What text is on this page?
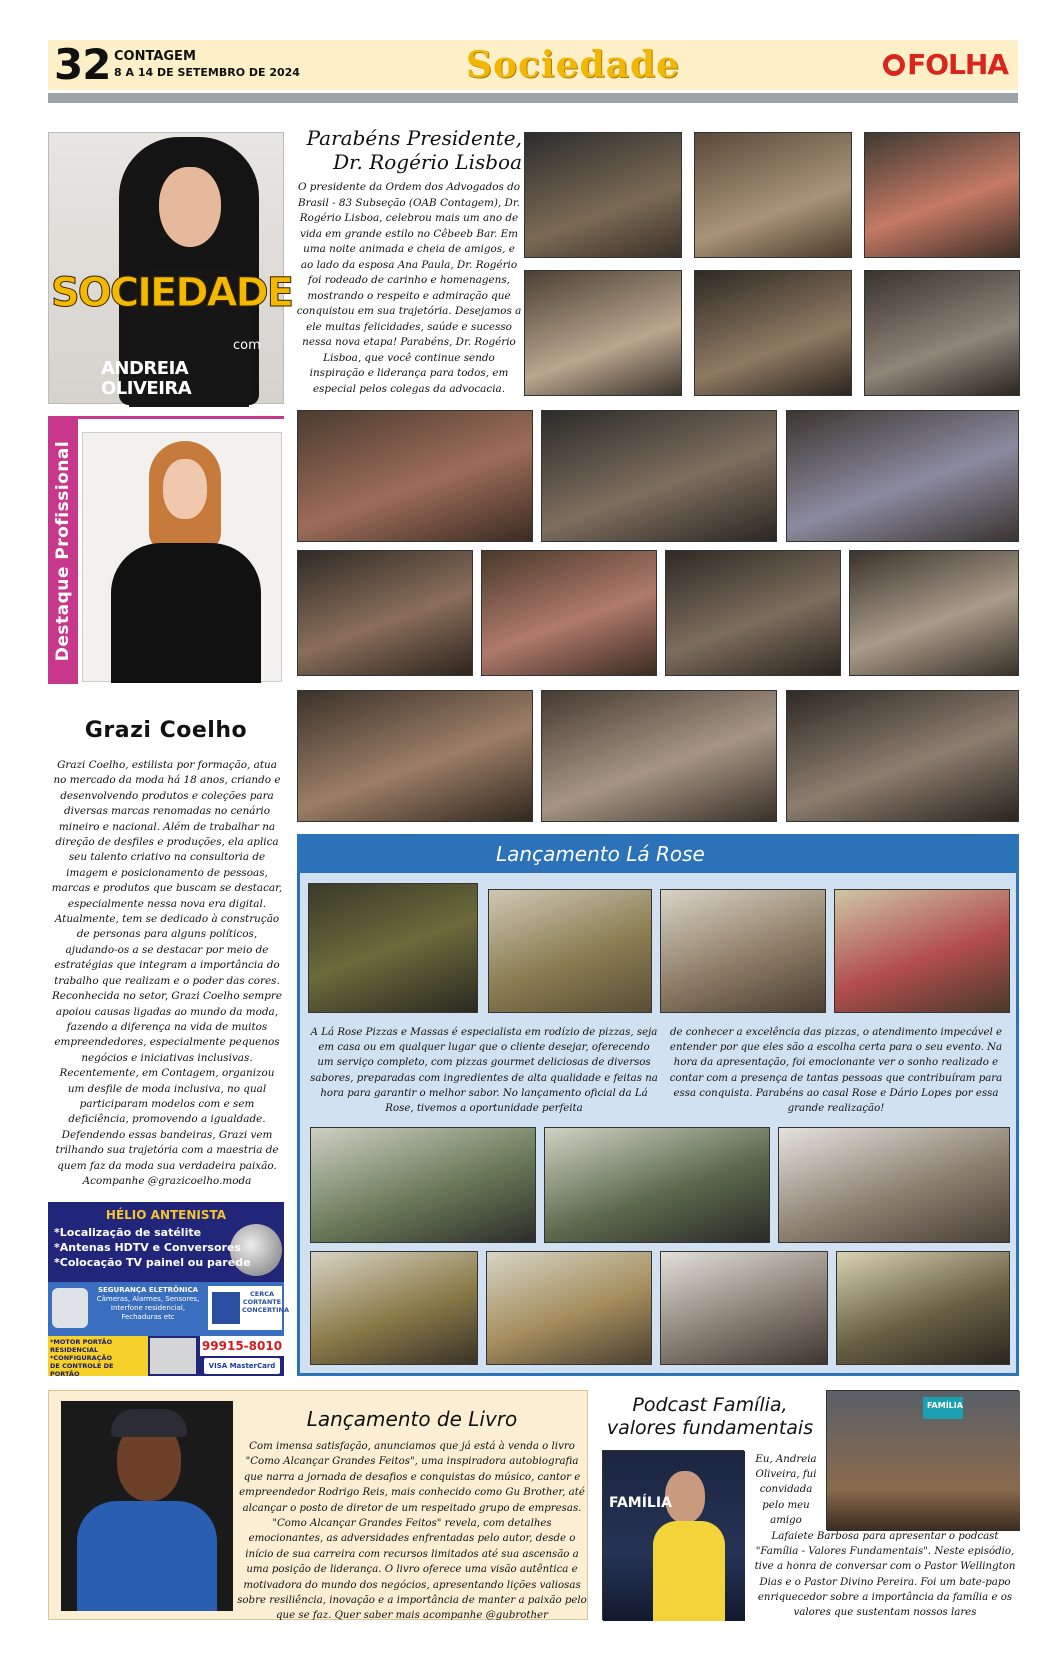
32 CONTAGEM
8 A 14 DE SETEMBRO DE 2024	Sociedade	FOLHA
SOCIEDADE
com
ANDREIA OLIVEIRA
Parabéns Presidente,
Dr. Rogério Lisboa
O presidente da Ordem dos Advogados do Brasil - 83 Subseção (OAB Contagem), Dr. Rogério Lisboa, celebrou mais um ano de vida em grande estilo no Cêbeeb Bar. Em uma noite animada e cheia de amigos, e ao lado da esposa Ana Paula, Dr. Rogério foi rodeado de carinho e homenagens, mostrando o respeito e admiração que conquistou em sua trajetória. Desejamos a ele muitas felicidades, saúde e sucesso nessa nova etapa! Parabéns, Dr. Rogério Lisboa, que você continue sendo inspiração e liderança para todos, em especial pelos colegas da advocacia.
Destaque Profissional
Grazi Coelho
Grazi Coelho, estilista por formação, atua no mercado da moda há 18 anos, criando e desenvolvendo produtos e coleções para diversas marcas renomadas no cenário mineiro e nacional. Além de trabalhar na direção de desfiles e produções, ela aplica seu talento criativo na consultoria de imagem e posicionamento de pessoas, marcas e produtos que buscam se destacar, especialmente nessa nova era digital. Atualmente, tem se dedicado à construção de personas para alguns políticos, ajudando-os a se destacar por meio de estratégias que integram a importância do trabalho que realizam e o poder das cores. Reconhecida no setor, Grazi Coelho sempre apoiou causas ligadas ao mundo da moda, fazendo a diferença na vida de muitos empreendedores, especialmente pequenos negócios e iniciativas inclusivas. Recentemente, em Contagem, organizou um desfile de moda inclusiva, no qual participaram modelos com e sem deficiência, promovendo a igualdade. Defendendo essas bandeiras, Grazi vem trilhando sua trajetória com a maestria de quem faz da moda sua verdadeira paixão. Acompanhe @grazicoelho.moda
HÉLIO ANTENISTA
*Localização de satélite
*Antenas HDTV e Conversores
*Colocação TV painel ou parede
SEGURANÇA ELETRÔNICA
Câmeras, Alarmes, Sensores, Interfone residencial, Fechaduras etc
CERCA CORTANTE CONCERTINA
*MOTOR PORTÃO RESIDENCIAL *CONFIGURAÇÃO DE CONTROLE DE PORTÃO
99915-8010
VISA MasterCard
Lançamento Lá Rose
A Lá Rose Pizzas e Massas é especialista em rodízio de pizzas, seja em casa ou em qualquer lugar que o cliente desejar, oferecendo um serviço completo, com pizzas gourmet deliciosas de diversos sabores, preparadas com ingredientes de alta qualidade e feitas na hora para garantir o melhor sabor. No lançamento oficial da Lá Rose, tivemos a oportunidade perfeita
de conhecer a excelência das pizzas, o atendimento impecável e entender por que eles são a escolha certa para o seu evento. Na hora da apresentação, foi emocionante ver o sonho realizado e contar com a presença de tantas pessoas que contribuíram para essa conquista. Parabéns ao casal Rose e Dário Lopes por essa grande realização!
Lançamento de Livro
Com imensa satisfação, anunciamos que já está à venda o livro "Como Alcançar Grandes Feitos", uma inspiradora autobiografia que narra a jornada de desafios e conquistas do músico, cantor e empreendedor Rodrigo Reis, mais conhecido como Gu Brother, até alcançar o posto de diretor de um respeitado grupo de empresas. "Como Alcançar Grandes Feitos" revela, com detalhes emocionantes, as adversidades enfrentadas pelo autor, desde o início de sua carreira com recursos limitados até sua ascensão a uma posição de liderança. O livro oferece uma visão autêntica e motivadora do mundo dos negócios, apresentando lições valiosas sobre resiliência, inovação e a importância de manter a paixão pelo que se faz. Quer saber mais acompanhe @gubrother
Podcast Família,
valores fundamentais
FAMÍLIA
FAMÍLIA
Eu, Andreia Oliveira, fui convidada pelo meu amigo
Lafaiete Barbosa para apresentar o podcast "Família - Valores Fundamentais". Neste episódio, tive a honra de conversar com o Pastor Wellington Dias e o Pastor Divino Pereira. Foi um bate-papo enriquecedor sobre a importância da família e os valores que sustentam nossos lares
